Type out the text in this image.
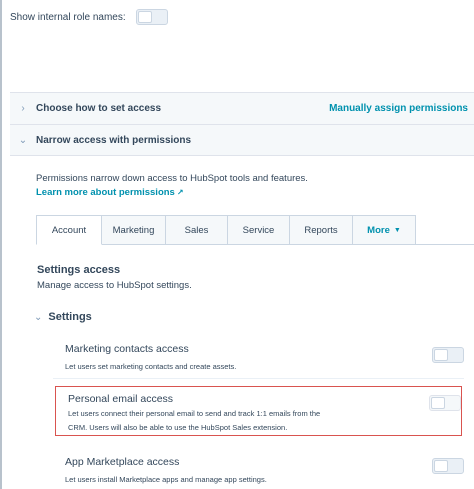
Show internal role names:
›	Choose how to set access	Manually assign permissions
⌄ Narrow access with permissions
Permissions narrow down access to HubSpot tools and features.
Learn more about permissions ↗
Account	Marketing	Sales	Service	Reports	More ▼
Settings access
Manage access to HubSpot settings.
⌄ Settings
Marketing contacts access
Let users set marketing contacts and create assets.
Personal email access
Let users connect their personal email to send and track 1:1 emails from the
CRM. Users will also be able to use the HubSpot Sales extension.
App Marketplace access
Let users install Marketplace apps and manage app settings.
